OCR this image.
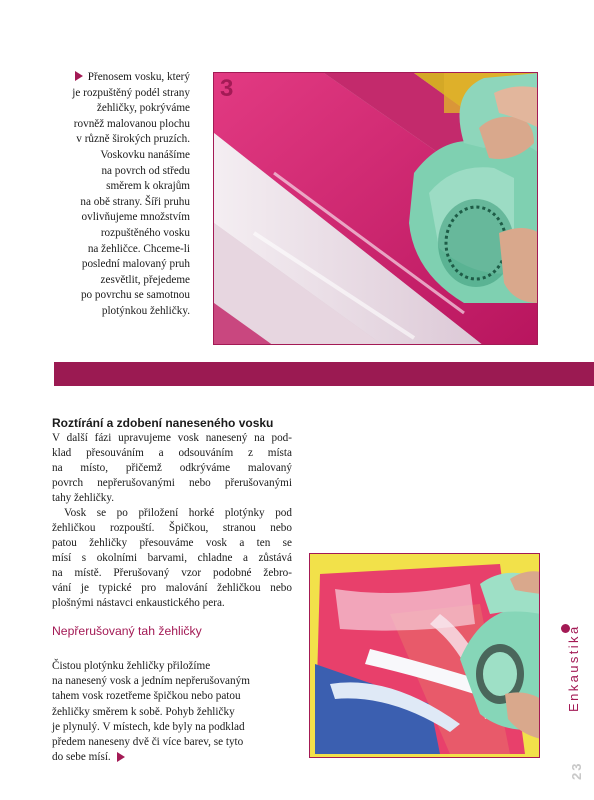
Přenosem vosku, který
je rozpuštěný podél strany
žehličky, pokrýváme
rovněž malovanou plochu
v různě širokých pruzích.
Voskovku nanášíme
na povrch od středu
směrem k okrajům
na obě strany. Šíři pruhu
ovlivňujeme množstvím
rozpuštěného vosku
na žehličce. Chceme-li
poslední malovaný pruh
zesvětlit, přejedeme
po povrchu se samotnou
plotýnkou žehličky.
3
Roztírání a zdobení naneseného vosku
V další fázi upravujeme vosk nanesený na pod-
klad přesouváním a odsouváním z místa
na místo, přičemž odkrýváme malovaný
povrch nepřerušovanými nebo přerušovanými
tahy žehličky.
Vosk se po přiložení horké plotýnky pod
žehličkou rozpouští. Špičkou, stranou nebo
patou žehličky přesouváme vosk a ten se
mísí s okolními barvami, chladne a zůstává
na místě. Přerušovaný vzor podobné žebro-
vání je typické pro malování žehličkou nebo
plošnými nástavci enkaustického pera.
Nepřerušovaný tah žehličky
Čistou plotýnku žehličky přiložíme
na nanesený vosk a jedním nepřerušovaným
tahem vosk rozetřeme špičkou nebo patou
žehličky směrem k sobě. Pohyb žehličky
je plynulý. V místech, kde byly na podklad
předem naneseny dvě či více barev, se tyto
do sebe mísí.
Enkaustika
23
